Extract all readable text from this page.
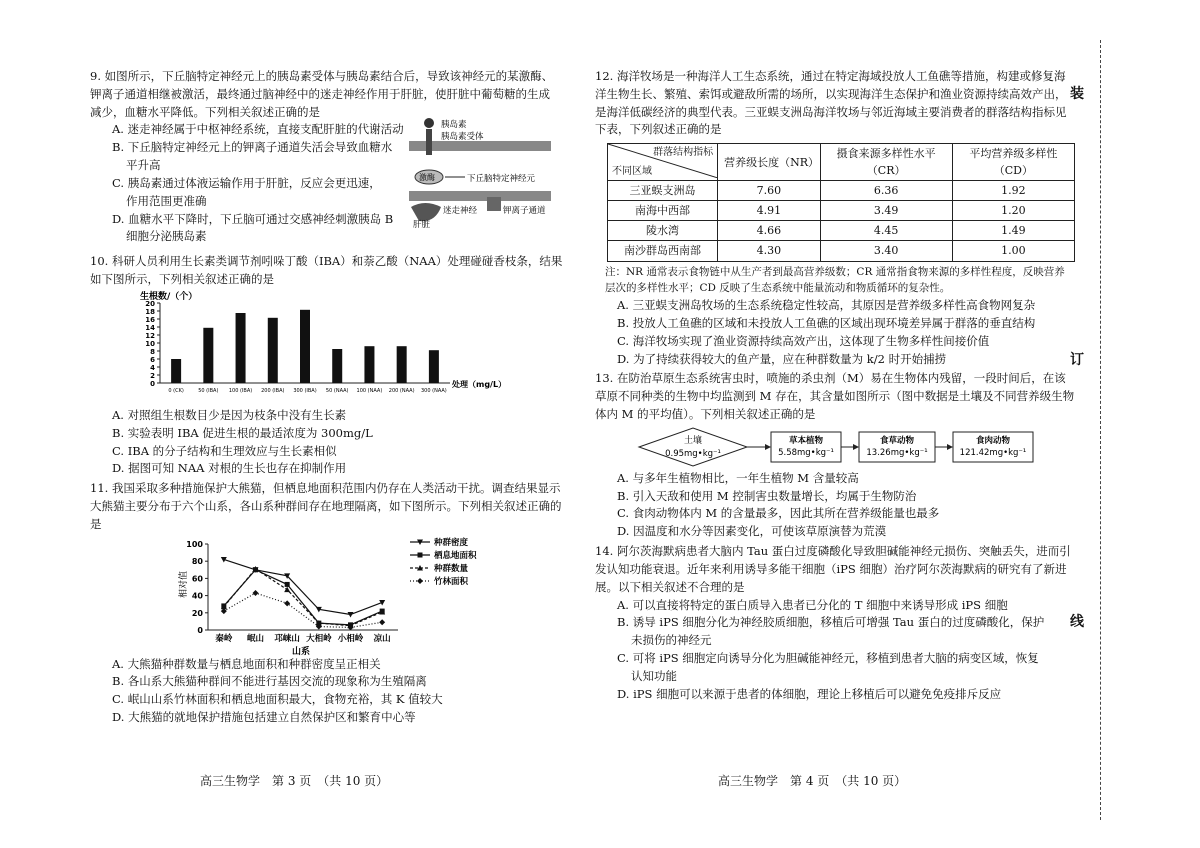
9. 如图所示，下丘脑特定神经元上的胰岛素受体与胰岛素结合后，导致该神经元的某激酶、钾离子通道相继被激活，最终通过脑神经中的迷走神经作用于肝脏，使肝脏中葡萄糖的生成减少，血糖水平降低。下列相关叙述正确的是
A. 迷走神经属于中枢神经系统，直接支配肝脏的代谢活动
B. 下丘脑特定神经元上的钾离子通道失活会导致血糖水
平升高
C. 胰岛素通过体液运输作用于肝脏，反应会更迅速，
作用范围更准确
D. 血糖水平下降时，下丘脑可通过交感神经刺激胰岛 B
细胞分泌胰岛素
胰岛素
胰岛素受体
激酶	下丘脑特定神经元
肝脏
迷走神经	钾离子通道
10. 科研人员利用生长素类调节剂吲哚丁酸（IBA）和萘乙酸（NAA）处理碰碰香枝条，结果如下图所示，下列相关叙述正确的是
生根数/（个）
0
2
4
6
8
10
12
14
16
18
20
0 (CK)	50 (IBA) 100 (IBA) 200 (IBA) 300 (IBA) 50 (NAA) 100 (NAA) 200 (NAA) 300 (NAA)
处理（mg/L）
A. 对照组生根数目少是因为枝条中没有生长素
B. 实验表明 IBA 促进生根的最适浓度为 300mg/L
C. IBA 的分子结构和生理效应与生长素相似
D. 据图可知 NAA 对根的生长也存在抑制作用
11. 我国采取多种措施保护大熊猫，但栖息地面积范围内仍存在人类活动干扰。调查结果显示大熊猫主要分布于六个山系，各山系种群间存在地理隔离，如下图所示。下列相关叙述正确的是
相对值
0
20
40
60
80
100
秦岭 岷山 邛崃山 大相岭 小相岭 凉山
种群密度
栖息地面积
种群数量
竹林面积
山系
A. 大熊猫种群数量与栖息地面积和种群密度呈正相关
B. 各山系大熊猫种群间不能进行基因交流的现象称为生殖隔离
C. 岷山山系竹林面积和栖息地面积最大，食物充裕，其 K 值较大
D. 大熊猫的就地保护措施包括建立自然保护区和繁育中心等
高三生物学　第 3 页　（共 10 页）
12. 海洋牧场是一种海洋人工生态系统，通过在特定海域投放人工鱼礁等措施，构建或修复海洋生物生长、繁殖、索饵或避敌所需的场所，以实现海洋生态保护和渔业资源持续高效产出，是海洋低碳经济的典型代表。三亚蜈支洲岛海洋牧场与邻近海域主要消费者的群落结构指标见下表，下列叙述正确的是
群落结构指标
不同区域	营养级长度（NR）	摄食来源多样性水平（CR）	平均营养级多样性（CD）
三亚蜈支洲岛	7.60	6.36	1.92
南海中西部	4.91	3.49	1.20
陵水湾	4.66	4.45	1.49
南沙群岛西南部	4.30	3.40	1.00
注：NR 通常表示食物链中从生产者到最高营养级数；CR 通常指食物来源的多样性程度，反映营养层次的多样性水平；CD 反映了生态系统中能量流动和物质循环的复杂性。
A. 三亚蜈支洲岛牧场的生态系统稳定性较高，其原因是营养级多样性高食物网复杂
B. 投放人工鱼礁的区域和未投放人工鱼礁的区域出现环境差异属于群落的垂直结构
C. 海洋牧场实现了渔业资源持续高效产出，这体现了生物多样性间接价值
D. 为了持续获得较大的鱼产量，应在种群数量为 k/2 时开始捕捞
13. 在防治草原生态系统害虫时，喷施的杀虫剂（M）易在生物体内残留，一段时间后，在该草原不同种类的生物中均监测到 M 存在，其含量如图所示（图中数据是土壤及不同营养级生物体内 M 的平均值）。下列相关叙述正确的是
土壤
0.95mg•kg⁻¹
草本植物
5.58mg•kg⁻¹
食草动物
13.26mg•kg⁻¹
食肉动物
121.42mg•kg⁻¹
A. 与多年生植物相比，一年生植物 M 含量较高
B. 引入天敌和使用 M 控制害虫数量增长，均属于生物防治
C. 食肉动物体内 M 的含量最多，因此其所在营养级能量也最多
D. 因温度和水分等因素变化，可使该草原演替为荒漠
14. 阿尔茨海默病患者大脑内 Tau 蛋白过度磷酸化导致胆碱能神经元损伤、突触丢失，进而引发认知功能衰退。近年来利用诱导多能干细胞（iPS 细胞）治疗阿尔茨海默病的研究有了新进展。以下相关叙述不合理的是
A. 可以直接将特定的蛋白质导入患者已分化的 T 细胞中来诱导形成 iPS 细胞
B. 诱导 iPS 细胞分化为神经胶质细胞，移植后可增强 Tau 蛋白的过度磷酸化，保护
未损伤的神经元
C. 可将 iPS 细胞定向诱导分化为胆碱能神经元，移植到患者大脑的病变区域，恢复
认知功能
D. iPS 细胞可以来源于患者的体细胞，理论上移植后可以避免免疫排斥反应
高三生物学　第 4 页　（共 10 页）
装
订
线
